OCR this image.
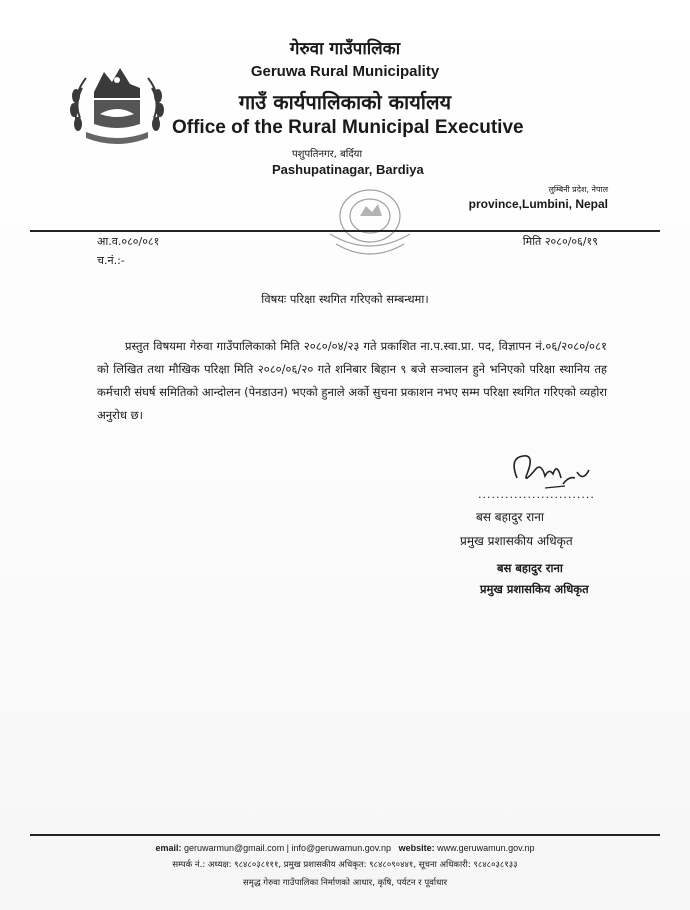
गेरुवा गाउँपालिका
Geruwa Rural Municipality
गाउँ कार्यपालिकाको कार्यालय
Office of the Rural Municipal Executive
पशुपतिनगर, बर्दिया
Pashupatinagar, Bardiya
लुम्बिनी प्रदेश, नेपाल
province,Lumbini, Nepal
आ.व.०८०/०८१
च.नं.:-
मिति २०८०/०६/१९
विषयः परिक्षा स्थगित गरिएको सम्बन्धमा।
प्रस्तुत विषयमा गेरुवा गाउँपालिकाको मिति २०८०/०४/२३ गते प्रकाशित ना.प.स्वा.प्रा. पद, विज्ञापन नं.०६/२०८०/०८१ को लिखित तथा मौखिक परिक्षा मिति २०८०/०६/२० गते शनिबार बिहान ९ बजे सञ्चालन हुने भनिएको परिक्षा स्थानिय तह कर्मचारी संघर्ष समितिको आन्दोलन (पेनडाउन) भएको हुनाले अर्को सुचना प्रकाशन नभए सम्म परिक्षा स्थगित गरिएको व्यहोरा अनुरोध छ।
..........................
बस बहादुर राना
प्रमुख प्रशासकीय अधिकृत
बस बहादुर राना
प्रमुख प्रशासकिय अधिकृत
email: geruwarmun@gmail.com | info@geruwamun.gov.np website: www.geruwamun.gov.np
सम्पर्क नं.: अध्यक्ष: ९८४८०३८१११, प्रमुख प्रशासकीय अधिकृत: ९८४८०९०४४१, सूचना अधिकारी: ९८४८०३८१३३
समृद्ध गेरुवा गाउँपालिका निर्माणको आधार, कृषि, पर्यटन र पूर्वाधार
